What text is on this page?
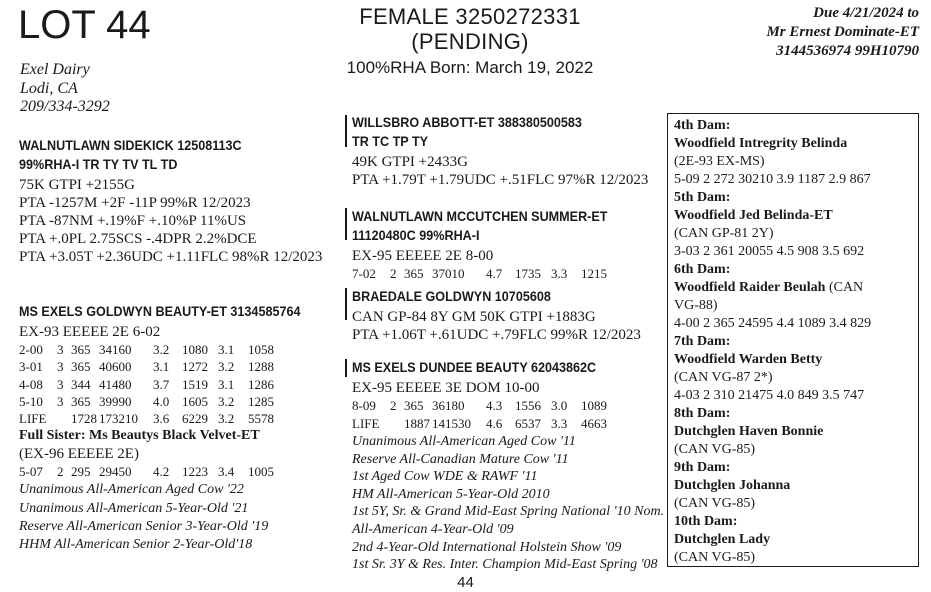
LOT 44	FEMALE 3250272331
(PENDING)
100%RHA Born: March 19, 2022
Due 4/21/2024 to
Mr Ernest Dominate-ET
3144536974 99H10790
Exel Dairy
Lodi, CA
209/334-3292
WALNUTLAWN SIDEKICK 12508113C
99%RHA-I TR TY TV TL TD
75K GTPI +2155G
PTA -1257M +2F -11P 99%R 12/2023
PTA -87NM +.19%F +.10%P 11%US
PTA +.0PL 2.75SCS -.4DPR 2.2%DCE
PTA +3.05T +2.36UDC +1.11FLC 98%R 12/2023
MS EXELS GOLDWYN BEAUTY-ET 3134585764
EX-93 EEEEE 2E 6-02
2-00 3 365 34160 3.2 1080 3.1 1058
3-01 3 365 40600 3.1 1272 3.2 1288
4-08 3 344 41480 3.7 1519 3.1 1286
5-10 3 365 39990 4.0 1605 3.2 1285
LIFE 1728 173210 3.6 6229 3.2 5578
Full Sister: Ms Beautys Black Velvet-ET
(EX-96 EEEEE 2E)
5-07 2 295 29450 4.2 1223 3.4 1005
Unanimous All-American Aged Cow '22
Unanimous All-American 5-Year-Old '21
Reserve All-American Senior 3-Year-Old '19
HHM All-American Senior 2-Year-Old'18
WILLSBRO ABBOTT-ET 388380500583
TR TC TP TY
49K GTPI +2433G
PTA +1.79T +1.79UDC +.51FLC 97%R 12/2023
WALNUTLAWN MCCUTCHEN SUMMER-ET
11120480C 99%RHA-I
EX-95 EEEEE 2E 8-00
7-02 2 365 37010 4.7 1735 3.3 1215
BRAEDALE GOLDWYN 10705608
CAN GP-84 8Y GM 50K GTPI +1883G
PTA +1.06T +.61UDC +.79FLC 99%R 12/2023
MS EXELS DUNDEE BEAUTY 62043862C
EX-95 EEEEE 3E DOM 10-00
8-09 2 365 36180 4.3 1556 3.0 1089
LIFE 1887 141530 4.6 6537 3.3 4663
Unanimous All-American Aged Cow '11
Reserve All-Canadian Mature Cow '11
1st Aged Cow WDE & RAWF '11
HM All-American 5-Year-Old 2010
1st 5Y, Sr. & Grand Mid-East Spring National '10 Nom.
All-American 4-Year-Old '09
2nd 4-Year-Old International Holstein Show '09
1st Sr. 3Y & Res. Inter. Champion Mid-East Spring '08
4th Dam:
Woodfield Intregrity Belinda
(2E-93 EX-MS)
5-09 2 272 30210 3.9 1187 2.9 867
5th Dam:
Woodfield Jed Belinda-ET
(CAN GP-81 2Y)
3-03 2 361 20055 4.5 908 3.5 692
6th Dam:
Woodfield Raider Beulah (CAN
VG-88)
4-00 2 365 24595 4.4 1089 3.4 829
7th Dam:
Woodfield Warden Betty
(CAN VG-87 2*)
4-03 2 310 21475 4.0 849 3.5 747
8th Dam:
Dutchglen Haven Bonnie
(CAN VG-85)
9th Dam:
Dutchglen Johanna
(CAN VG-85)
10th Dam:
Dutchglen Lady
(CAN VG-85)
44
